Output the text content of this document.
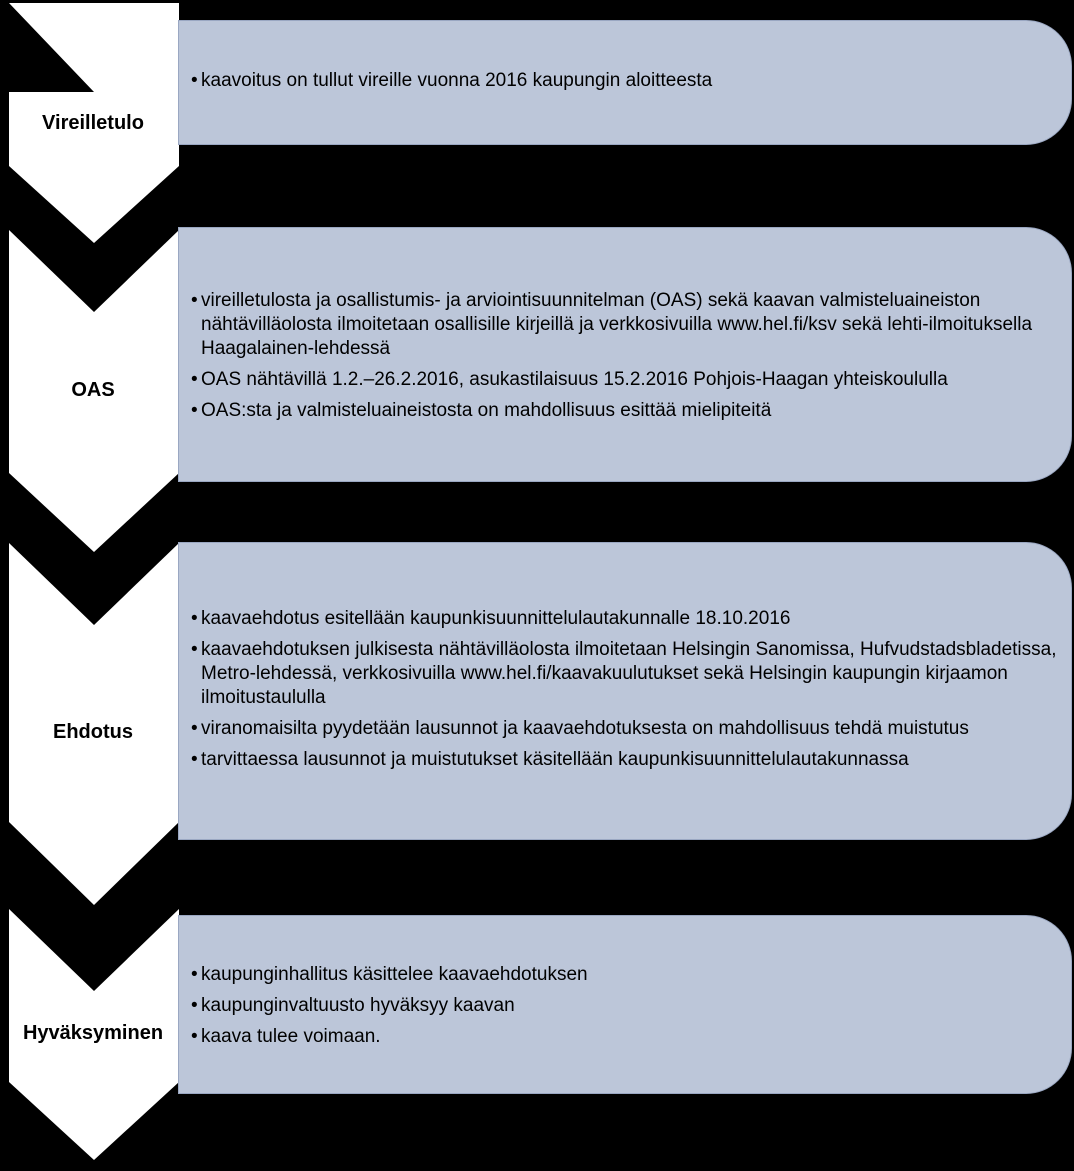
Vireilletulo
• kaavoitus on tullut vireille vuonna 2016 kaupungin aloitteesta
OAS
• vireilletulosta ja osallistumis- ja arviointisuunnitelman (OAS) sekä kaavan valmisteluaineiston nähtävilläolosta ilmoitetaan osallisille kirjeillä ja verkkosivuilla www.hel.fi/ksv sekä lehti-ilmoituksella Haagalainen-lehdessä
• OAS nähtävillä 1.2.–26.2.2016, asukastilaisuus 15.2.2016 Pohjois-Haagan yhteiskoululla
• OAS:sta ja valmisteluaineistosta on mahdollisuus esittää mielipiteitä
Ehdotus
• kaavaehdotus esitellään kaupunkisuunnittelulautakunnalle 18.10.2016
• kaavaehdotuksen julkisesta nähtävilläolosta ilmoitetaan Helsingin Sanomissa, Hufvudstadsbladetissa, Metro-lehdessä, verkkosivuilla www.hel.fi/kaavakuulutukset sekä Helsingin kaupungin kirjaamon ilmoitustaululla
• viranomaisilta pyydetään lausunnot ja kaavaehdotuksesta on mahdollisuus tehdä muistutus
• tarvittaessa lausunnot ja muistutukset käsitellään kaupunkisuunnittelulautakunnassa
Hyväksyminen
• kaupunginhallitus käsittelee kaavaehdotuksen
• kaupunginvaltuusto hyväksyy kaavan
• kaava tulee voimaan.
